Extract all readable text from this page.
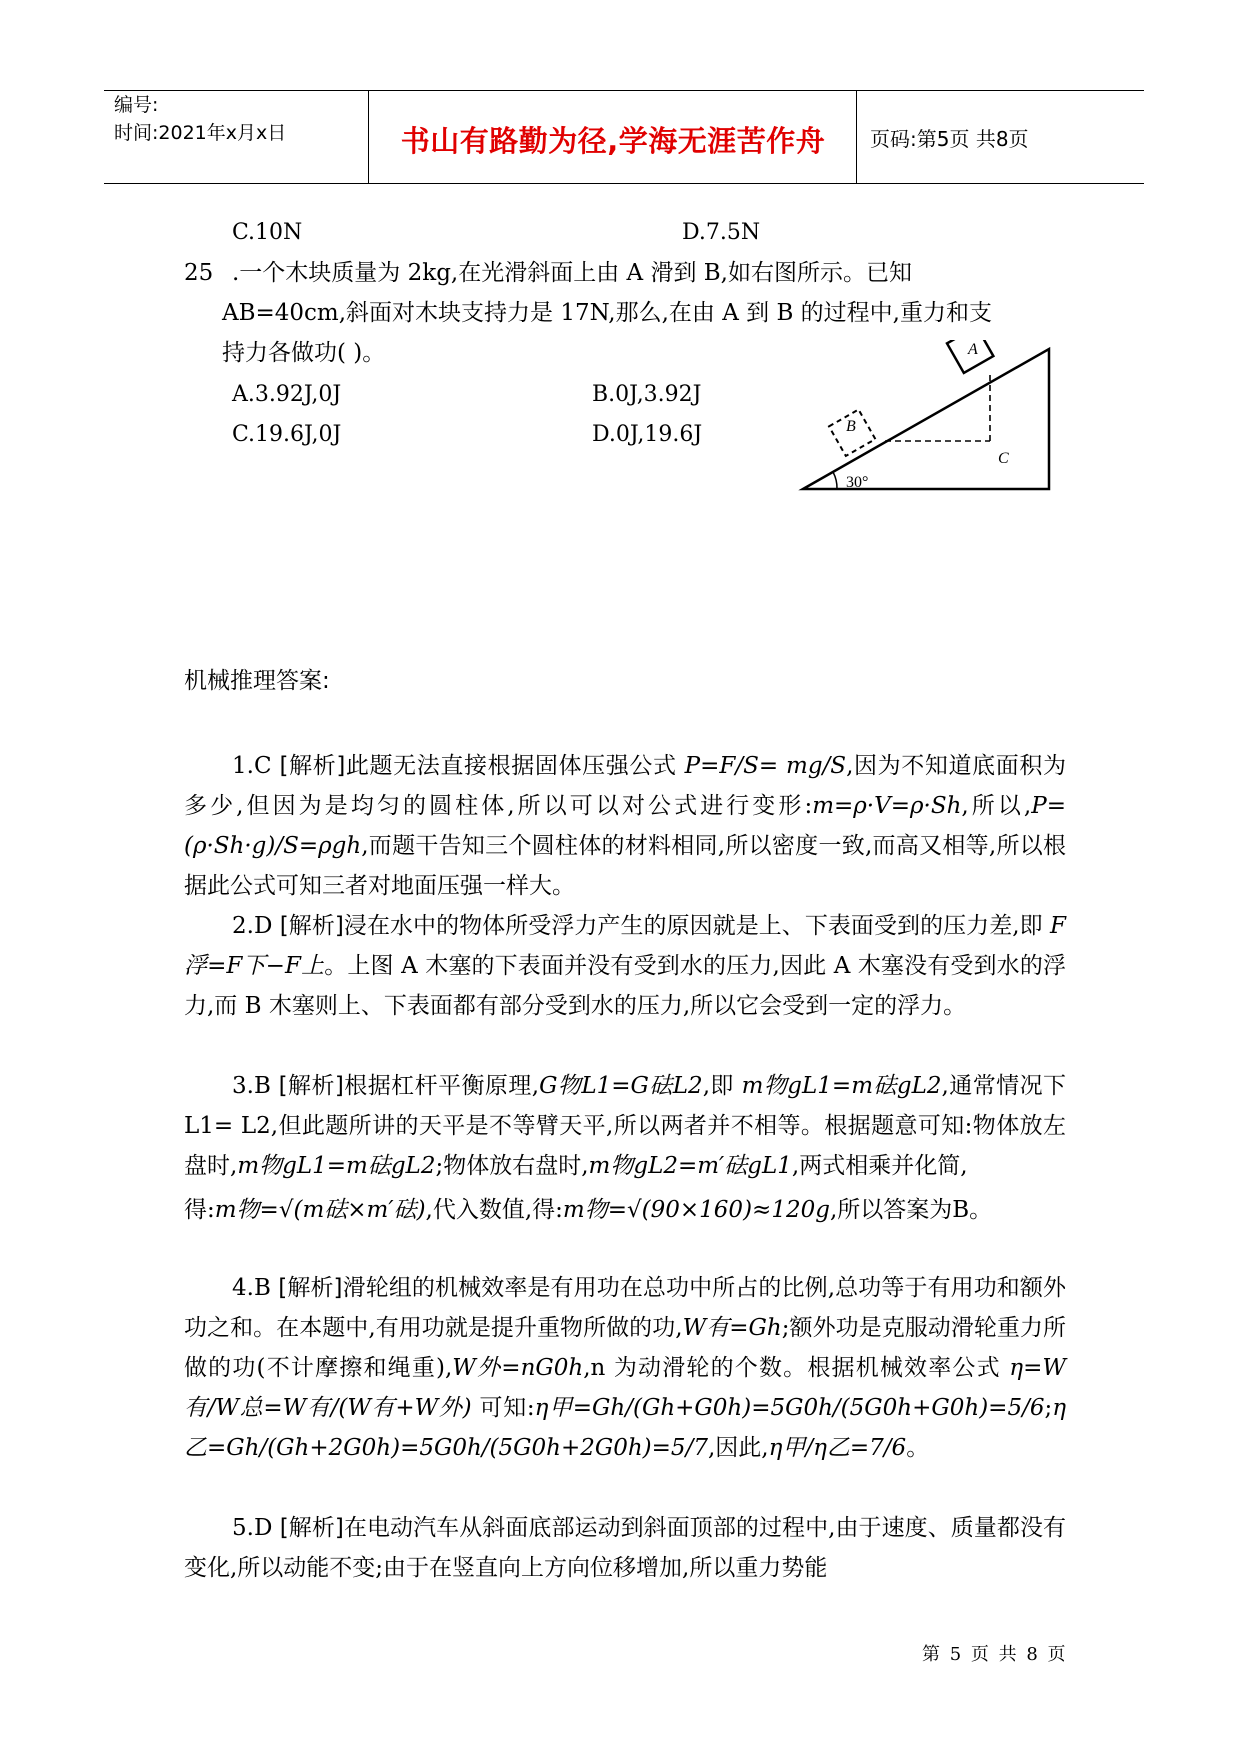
编号:
时间:2021年x月x日	书山有路勤为径,学海无涯苦作舟	页码:第5页 共8页
C.10N	D.7.5N
25 .一个木块质量为 2kg,在光滑斜面上由 A 滑到 B,如右图所示。已知
AB=40cm,斜面对木块支持力是 17N,那么,在由 A 到 B 的过程中,重力和支
持力各做功( )。
A.3.92J,0J	B.0J,3.92J
C.19.6J,0J	D.0J,19.6J
A
B
C
30°
机械推理答案:

1.C [解析]此题无法直接根据固体压强公式 P=F/S= mg/S,因为不知道底面积为多少,但因为是均匀的圆柱体,所以可以对公式进行变形:m=ρ·V=ρ·Sh,所以,P=(ρ·Sh·g)/S=ρgh,而题干告知三个圆柱体的材料相同,所以密度一致,而高又相等,所以根据此公式可知三者对地面压强一样大。

2.D [解析]浸在水中的物体所受浮力产生的原因就是上、下表面受到的压力差,即 F浮=F下−F上。上图 A 木塞的下表面并没有受到水的压力,因此 A 木塞没有受到水的浮力,而 B 木塞则上、下表面都有部分受到水的压力,所以它会受到一定的浮力。

3.B [解析]根据杠杆平衡原理,G物L1=G砝L2,即 m物gL1=m砝gL2,通常情况下 L1= L2,但此题所讲的天平是不等臂天平,所以两者并不相等。根据题意可知:物体放左盘时,m物gL1=m砝gL2;物体放右盘时,m物gL2=m′砝gL1,两式相乘并化简,

得:m物=√(m砝×m′砝),代入数值,得:m物=√(90×160)≈120g,所以答案为B。

4.B [解析]滑轮组的机械效率是有用功在总功中所占的比例,总功等于有用功和额外功之和。在本题中,有用功就是提升重物所做的功,W有=Gh;额外功是克服动滑轮重力所做的功(不计摩擦和绳重),W外=nG0h,n 为动滑轮的个数。根据机械效率公式 η=W有/W总=W有/(W有+W外) 可知:η甲=Gh/(Gh+G0h)=5G0h/(5G0h+G0h)=5/6;η乙=Gh/(Gh+2G0h)=5G0h/(5G0h+2G0h)=5/7,因此,η甲/η乙=7/6。

5.D [解析]在电动汽车从斜面底部运动到斜面顶部的过程中,由于速度、质量都没有变化,所以动能不变;由于在竖直向上方向位移增加,所以重力势能

第 5 页 共 8 页
